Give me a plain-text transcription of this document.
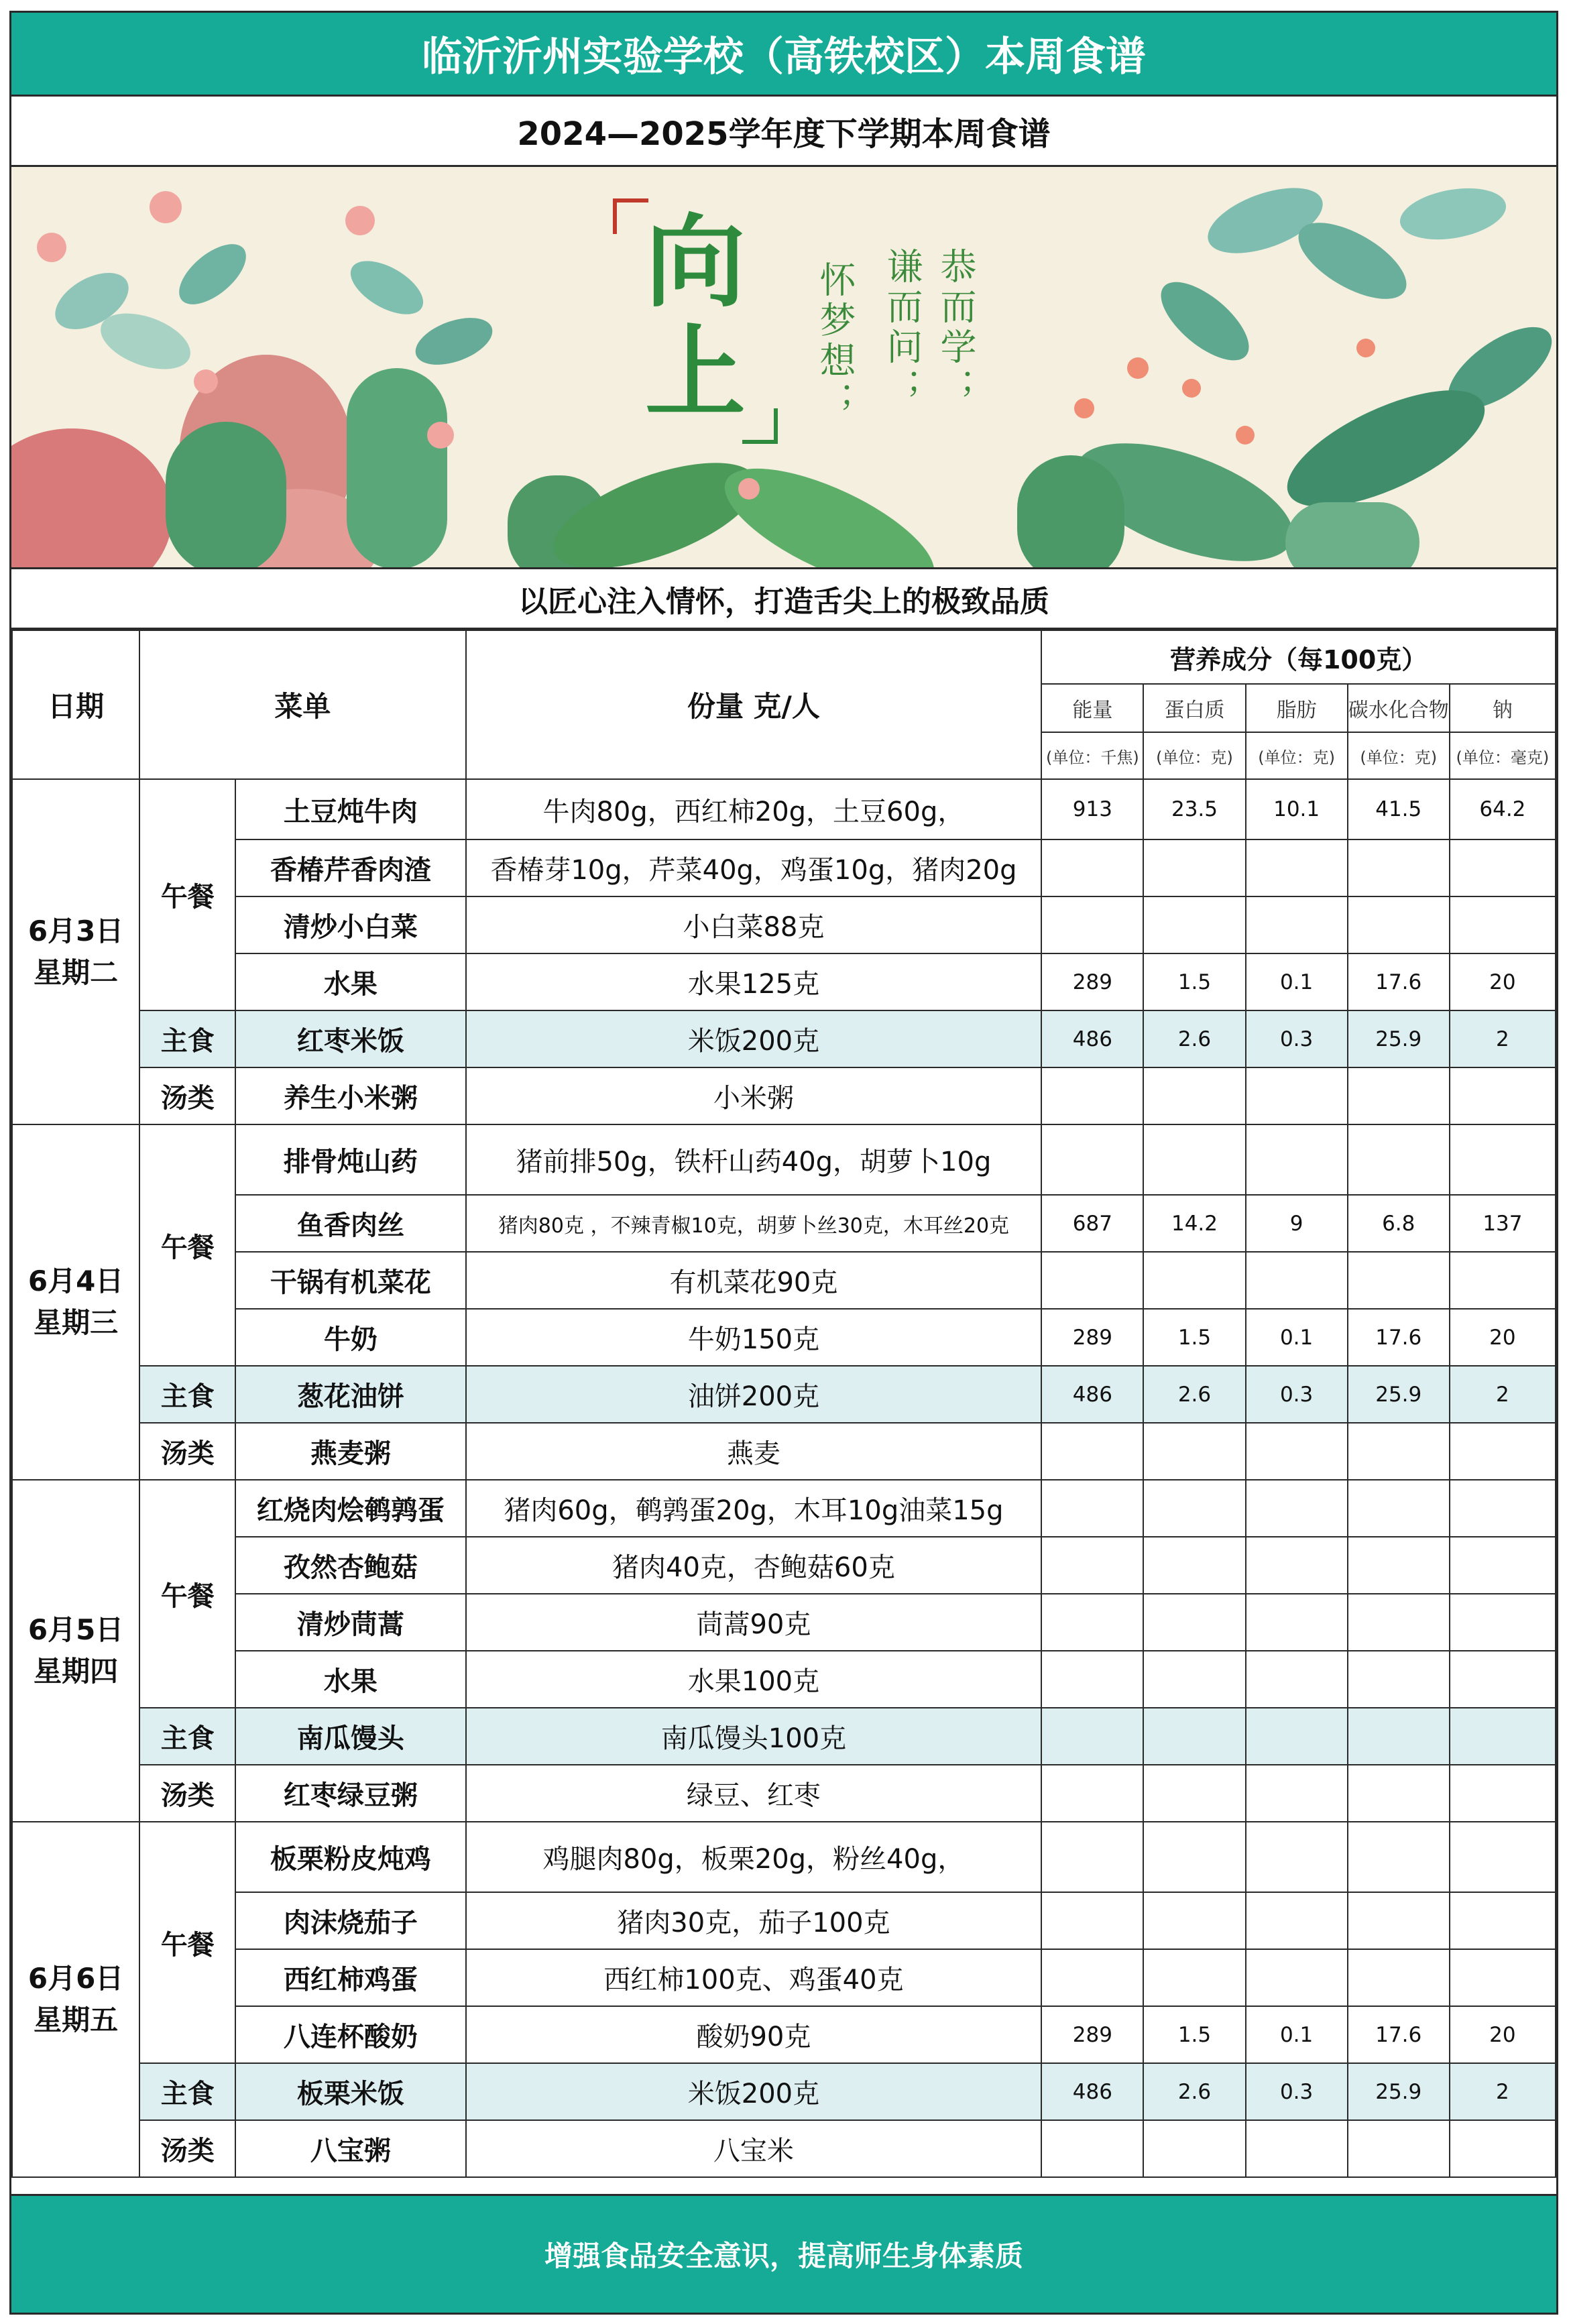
临沂沂州实验学校（高铁校区）本周食谱
2024—2025学年度下学期本周食谱
向上	恭而学；
谦而问；
怀梦想；
以匠心注入情怀，打造舌尖上的极致品质
日期	菜单		份量 克/人	营养成分（每100克）				
				能量	蛋白质	脂肪	碳水化合物	钠
				(单位：千焦)	(单位：克)	(单位：克)	(单位：克)	(单位：毫克)

6月3日
星期二	午餐	土豆炖牛肉	牛肉80g，西红柿20g，土豆60g，	913	23.5	10.1	41.5	64.2
		香椿芹香肉渣	香椿芽10g，芹菜40g，鸡蛋10g，猪肉20g					
		清炒小白菜	小白菜88克					
		水果	水果125克	289	1.5	0.1	17.6	20
	主食	红枣米饭	米饭200克	486	2.6	0.3	25.9	2
	汤类	养生小米粥	小米粥					

6月4日
星期三	午餐	排骨炖山药	猪前排50g，铁杆山药40g，胡萝卜10g					
		鱼香肉丝	猪肉80克 ，不辣青椒10克，胡萝卜丝30克，木耳丝20克	687	14.2	9	6.8	137
		干锅有机菜花	有机菜花90克					
		牛奶	牛奶150克	289	1.5	0.1	17.6	20
	主食	葱花油饼	油饼200克	486	2.6	0.3	25.9	2
	汤类	燕麦粥	燕麦					

6月5日
星期四	午餐	红烧肉烩鹌鹑蛋	猪肉60g，鹌鹑蛋20g，木耳10g油菜15g					
		孜然杏鲍菇	猪肉40克，杏鲍菇60克					
		清炒茼蒿	茼蒿90克					
		水果	水果100克					
	主食	南瓜馒头	南瓜馒头100克					
	汤类	红枣绿豆粥	绿豆、红枣					

6月6日
星期五	午餐	板栗粉皮炖鸡	鸡腿肉80g，板栗20g，粉丝40g，					
		肉沫烧茄子	猪肉30克，茄子100克					
		西红柿鸡蛋	西红柿100克、鸡蛋40克					
		八连杯酸奶	酸奶90克	289	1.5	0.1	17.6	20
	主食	板栗米饭	米饭200克	486	2.6	0.3	25.9	2
	汤类	八宝粥	八宝米					
增强食品安全意识，提高师生身体素质
